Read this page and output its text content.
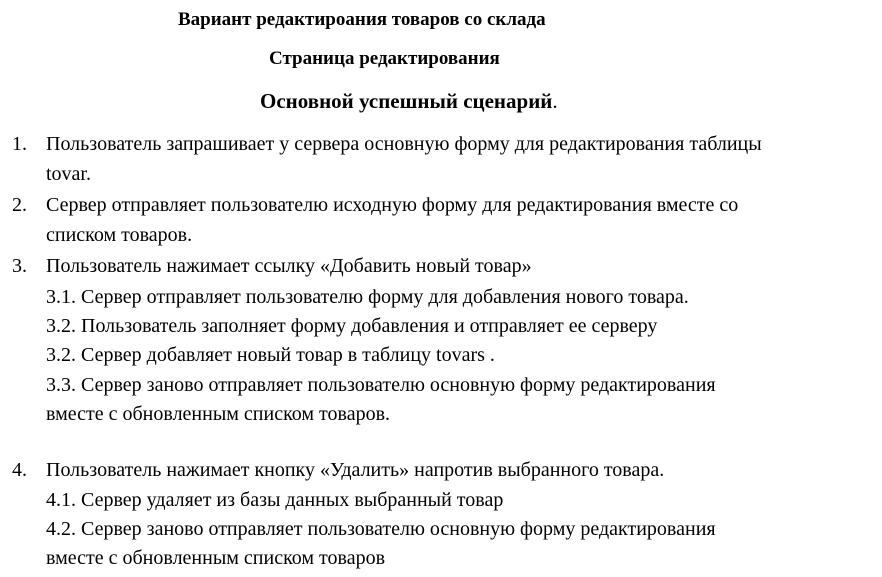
Вариант редактироания товаров со склада
Страница редактирования
Основной успешный сценарий.
1. Пользователь запрашивает у сервера основную форму для редактирования таблицы
tovar.
2. Сервер отправляет пользователю исходную форму для редактирования вместе со
списком товаров.
3. Пользователь нажимает ссылку «Добавить новый товар»
3.1. Сервер отправляет пользователю форму для добавления нового товара.
3.2. Пользователь заполняет форму добавления и отправляет ее серверу
3.2. Сервер добавляет новый товар в таблицу tovars .
3.3. Сервер заново отправляет пользователю основную форму редактирования
вместе с обновленным списком товаров.
4. Пользователь нажимает кнопку «Удалить» напротив выбранного товара.
4.1. Сервер удаляет из базы данных выбранный товар
4.2. Сервер заново отправляет пользователю основную форму редактирования
вместе с обновленным списком товаров
